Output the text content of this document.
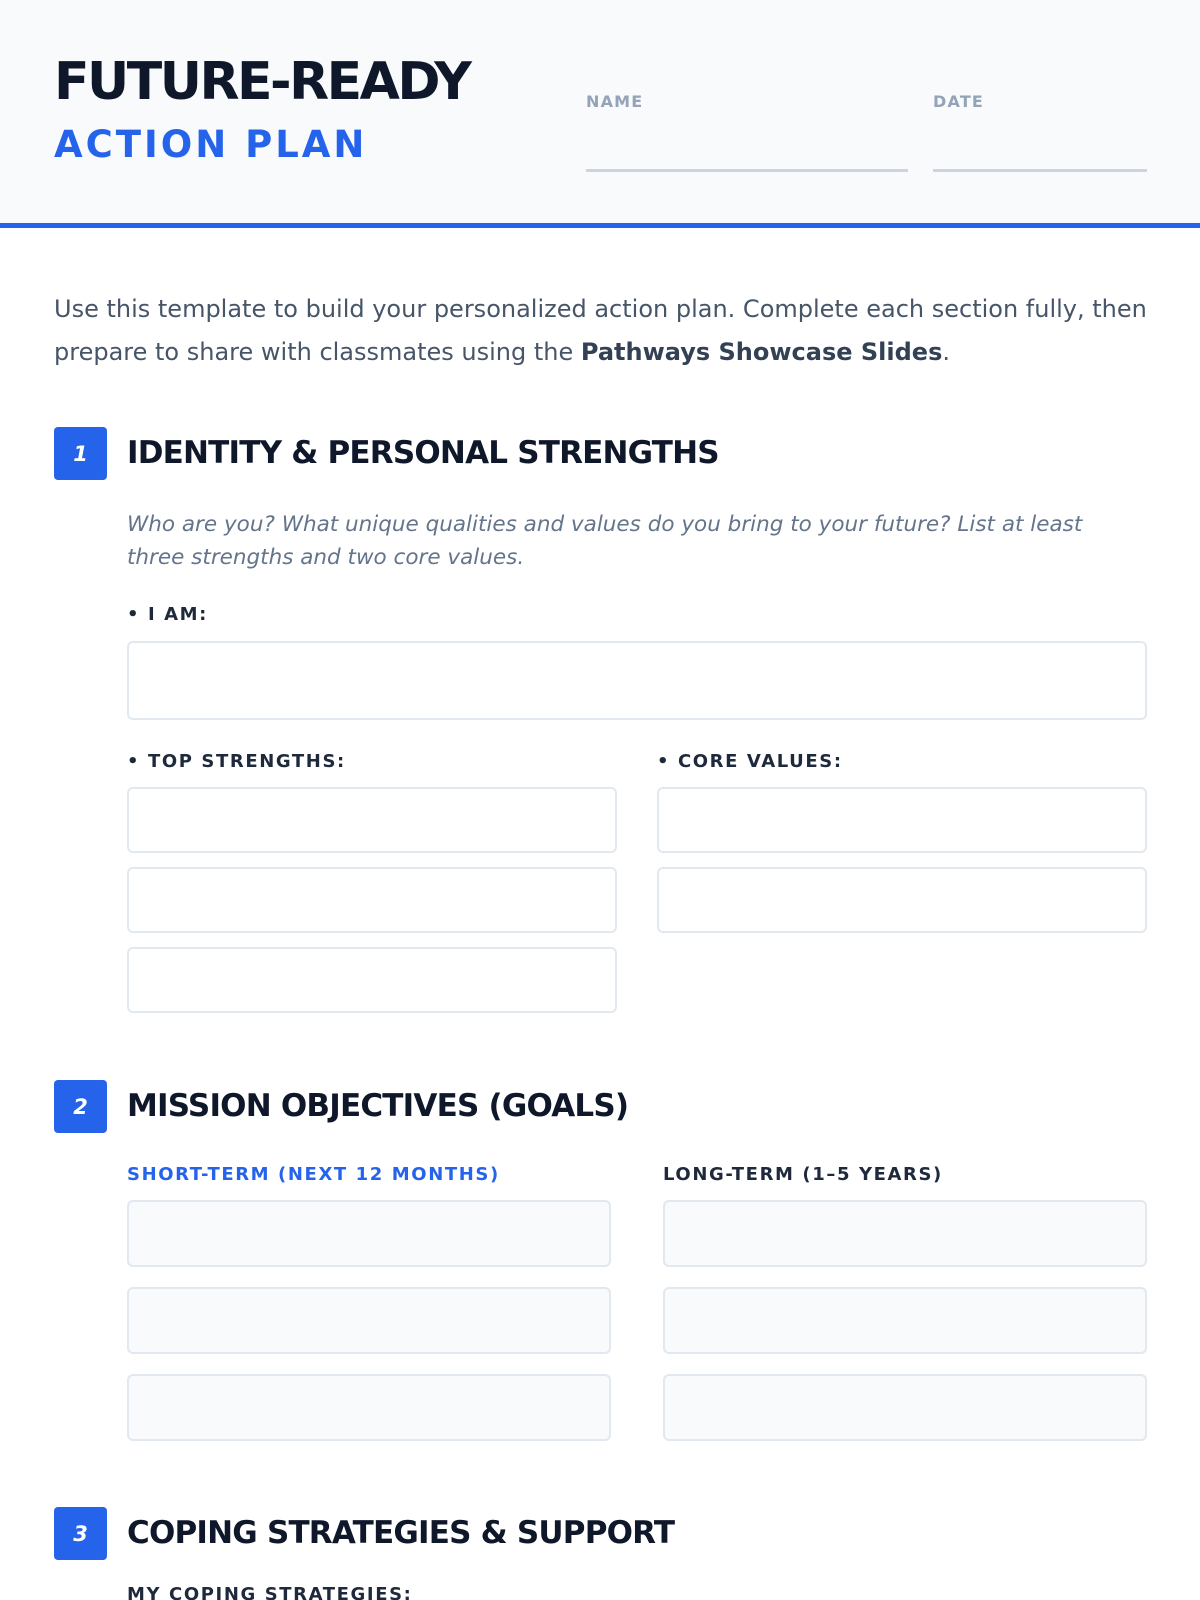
FUTURE-READY
ACTION PLAN
NAME	DATE

Use this template to build your personalized action plan. Complete each section fully, then prepare to share with classmates using the Pathways Showcase Slides.

1	IDENTITY & PERSONAL STRENGTHS

Who are you? What unique qualities and values do you bring to your future? List at least three strengths and two core values.

• I AM:
• TOP STRENGTHS:	• CORE VALUES:
2	MISSION OBJECTIVES (GOALS)
SHORT-TERM (NEXT 12 MONTHS)	LONG-TERM (1–5 YEARS)
3	COPING STRATEGIES & SUPPORT
MY COPING STRATEGIES:
